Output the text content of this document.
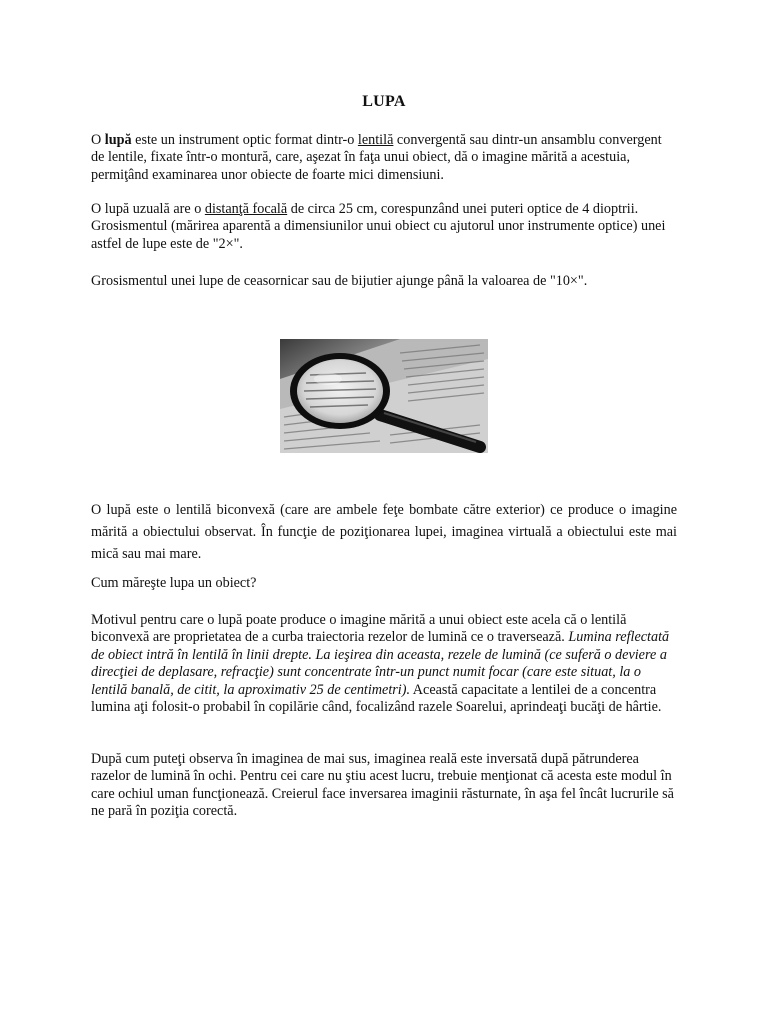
LUPA

O lupă este un instrument optic format dintr-o lentilă convergentă sau dintr-un ansamblu convergent de lentile, fixate într-o montură, care, aşezat în faţa unui obiect, dă o imagine mărită a acestuia, permiţând examinarea unor obiecte de foarte mici dimensiuni.

O lupă uzuală are o distanţă focală de circa 25 cm, corespunzând unei puteri optice de 4 dioptrii. Grosismentul (mărirea aparentă a dimensiunilor unui obiect cu ajutorul unor instrumente optice) unei astfel de lupe este de "2×".

Grosismentul unei lupe de ceasornicar sau de bijutier ajunge până la valoarea de "10×".

O lupă este o lentilă biconvexă (care are ambele feţe bombate către exterior) ce produce o imagine mărită a obiectului observat. În funcţie de poziţionarea lupei, imaginea virtuală a obiectului este mai mică sau mai mare.

Cum măreşte lupa un obiect?

Motivul pentru care o lupă poate produce o imagine mărită a unui obiect este acela că o lentilă biconvexă are proprietatea de a curba traiectoria rezelor de lumină ce o traversează. Lumina reflectată de obiect intră în lentilă în linii drepte. La ieşirea din aceasta, rezele de lumină (ce suferă o deviere a direcţiei de deplasare, refracţie) sunt concentrate într-un punct numit focar (care este situat, la o lentilă banală, de citit, la aproximativ 25 de centimetri). Această capacitate a lentilei de a concentra lumina aţi folosit-o probabil în copilărie când, focalizând razele Soarelui, aprindeaţi bucăţi de hârtie.

După cum puteţi observa în imaginea de mai sus, imaginea reală este inversată după pătrunderea razelor de lumină în ochi. Pentru cei care nu ştiu acest lucru, trebuie menţionat că acesta este modul în care ochiul uman funcţionează. Creierul face inversarea imaginii răsturnate, în aşa fel încât lucrurile să ne pară în poziţia corectă.
